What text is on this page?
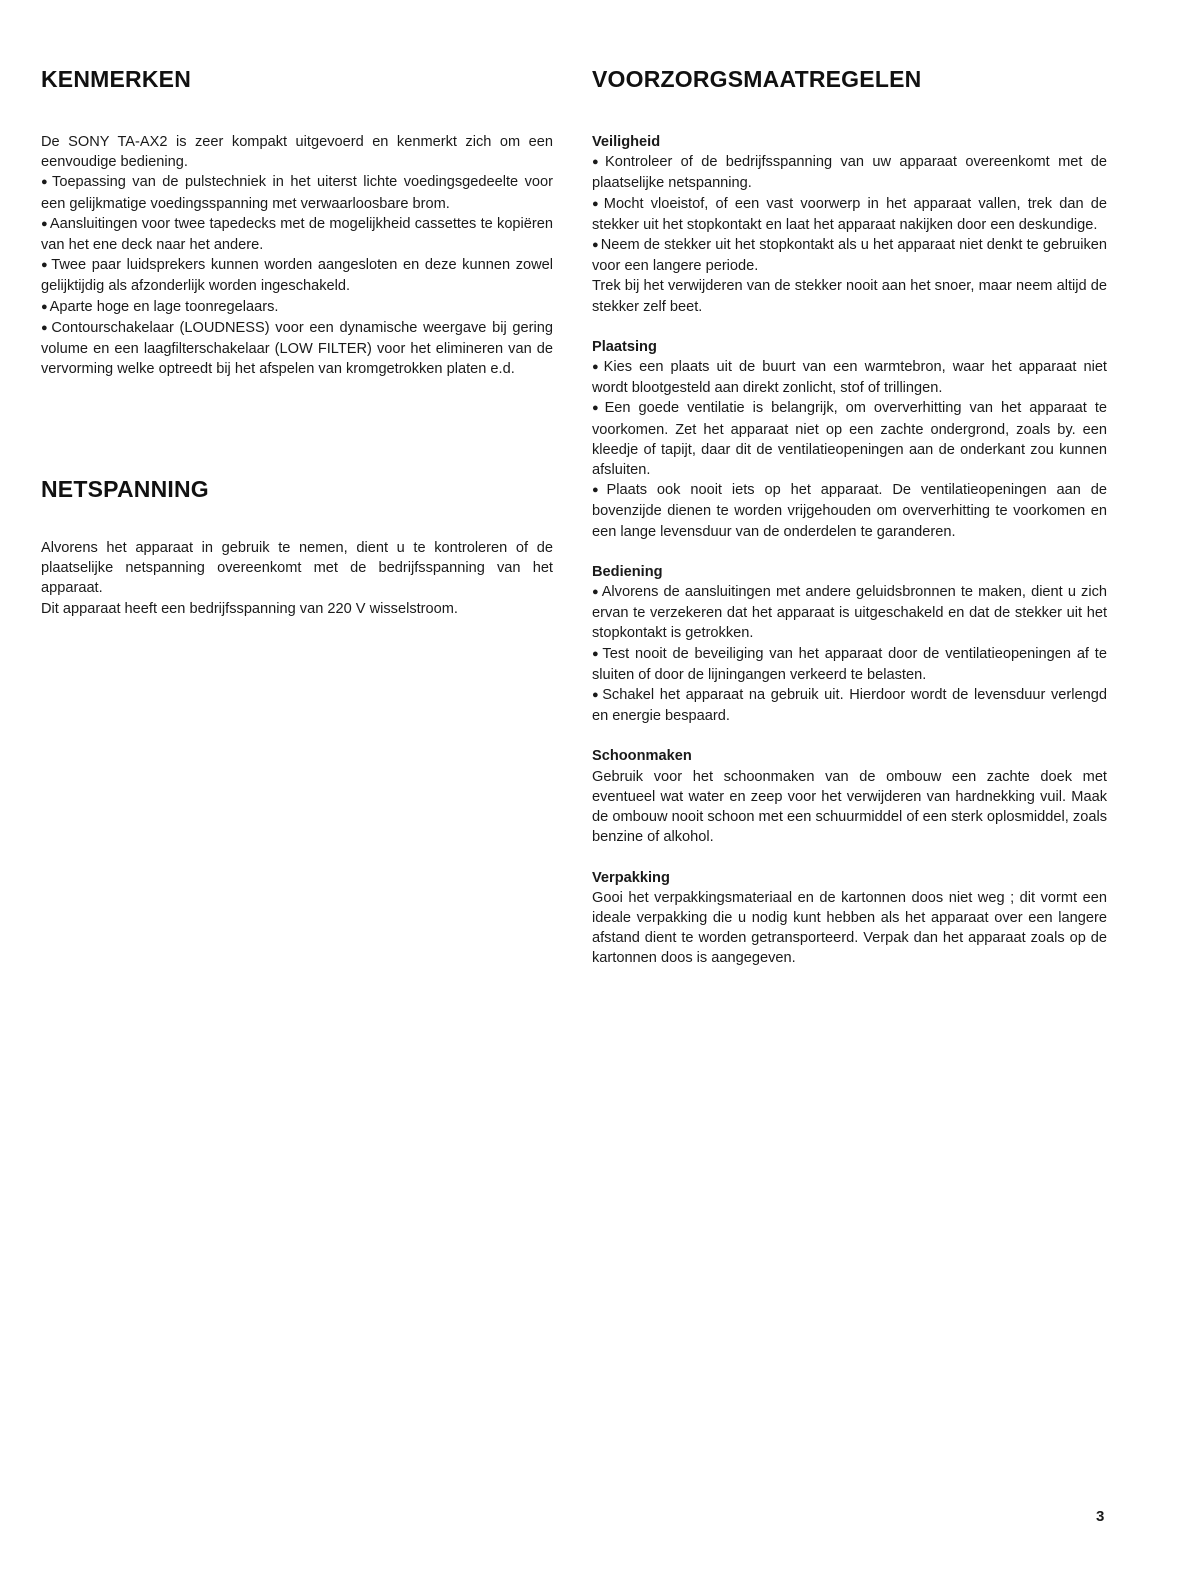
KENMERKEN

De SONY TA-AX2 is zeer kompakt uitgevoerd en kenmerkt zich om een eenvoudige bediening.

● Toepassing van de pulstechniek in het uiterst lichte voedingsgedeelte voor een gelijkmatige voedingsspanning met verwaarloosbare brom.

● Aansluitingen voor twee tapedecks met de mogelijkheid cassettes te kopiëren van het ene deck naar het andere.

● Twee paar luidsprekers kunnen worden aangesloten en deze kunnen zowel gelijktijdig als afzonderlijk worden ingeschakeld.

● Aparte hoge en lage toonregelaars.

● Contourschakelaar (LOUDNESS) voor een dynamische weergave bij gering volume en een laagfilterschakelaar (LOW FILTER) voor het elimineren van de vervorming welke optreedt bij het afspelen van kromgetrokken platen e.d.

NETSPANNING

Alvorens het apparaat in gebruik te nemen, dient u te kontroleren of de plaatselijke netspanning overeenkomt met de bedrijfsspanning van het apparaat.

Dit apparaat heeft een bedrijfsspanning van 220 V wisselstroom.

VOORZORGSMAATREGELEN

Veiligheid

● Kontroleer of de bedrijfsspanning van uw apparaat overeenkomt met de plaatselijke netspanning.

● Mocht vloeistof, of een vast voorwerp in het apparaat vallen, trek dan de stekker uit het stopkontakt en laat het apparaat nakijken door een deskundige.

● Neem de stekker uit het stopkontakt als u het apparaat niet denkt te gebruiken voor een langere periode.

Trek bij het verwijderen van de stekker nooit aan het snoer, maar neem altijd de stekker zelf beet.

Plaatsing

● Kies een plaats uit de buurt van een warmtebron, waar het apparaat niet wordt blootgesteld aan direkt zonlicht, stof of trillingen.

● Een goede ventilatie is belangrijk, om oververhitting van het apparaat te voorkomen. Zet het apparaat niet op een zachte ondergrond, zoals by. een kleedje of tapijt, daar dit de ventilatieopeningen aan de onderkant zou kunnen afsluiten.

● Plaats ook nooit iets op het apparaat. De ventilatieopeningen aan de bovenzijde dienen te worden vrijgehouden om oververhitting te voorkomen en een lange levensduur van de onderdelen te garanderen.

Bediening

● Alvorens de aansluitingen met andere geluidsbronnen te maken, dient u zich ervan te verzekeren dat het apparaat is uitgeschakeld en dat de stekker uit het stopkontakt is getrokken.

● Test nooit de beveiliging van het apparaat door de ventilatieopeningen af te sluiten of door de lijningangen verkeerd te belasten.

● Schakel het apparaat na gebruik uit. Hierdoor wordt de levensduur verlengd en energie bespaard.

Schoonmaken

Gebruik voor het schoonmaken van de ombouw een zachte doek met eventueel wat water en zeep voor het verwijderen van hardnekking vuil. Maak de ombouw nooit schoon met een schuurmiddel of een sterk oplosmiddel, zoals benzine of alkohol.

Verpakking

Gooi het verpakkingsmateriaal en de kartonnen doos niet weg ; dit vormt een ideale verpakking die u nodig kunt hebben als het apparaat over een langere afstand dient te worden getransporteerd. Verpak dan het apparaat zoals op de kartonnen doos is aangegeven.

3
